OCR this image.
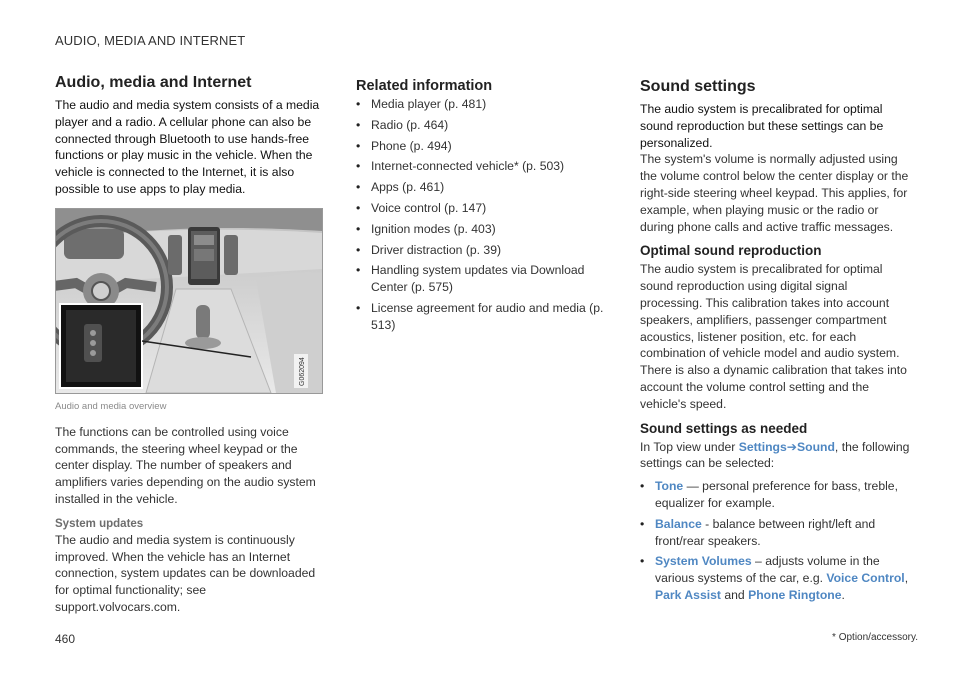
AUDIO, MEDIA AND INTERNET
Audio, media and Internet

The audio and media system consists of a media player and a radio. A cellular phone can also be connected through Bluetooth to use hands-free functions or play music in the vehicle. When the vehicle is connected to the Internet, it is also possible to use apps to play media.

G062094
Audio and media overview

The functions can be controlled using voice commands, the steering wheel keypad or the center display. The number of speakers and amplifiers varies depending on the audio system installed in the vehicle.

System updates

The audio and media system is continuously improved. When the vehicle has an Internet connection, system updates can be downloaded for optimal functionality; see support.volvocars.com.

Related information
• Media player (p. 481)
• Radio (p. 464)
• Phone (p. 494)
• Internet-connected vehicle* (p. 503)
• Apps (p. 461)
• Voice control (p. 147)
• Ignition modes (p. 403)
• Driver distraction (p. 39)
• Handling system updates via Download Center (p. 575)
• License agreement for audio and media (p. 513)
Sound settings

The audio system is precalibrated for optimal sound reproduction but these settings can be personalized.

The system's volume is normally adjusted using the volume control below the center display or the right-side steering wheel keypad. This applies, for example, when playing music or the radio or during phone calls and active traffic messages.

Optimal sound reproduction

The audio system is precalibrated for optimal sound reproduction using digital signal processing. This calibration takes into account speakers, amplifiers, passenger compartment acoustics, listener position, etc. for each combination of vehicle model and audio system. There is also a dynamic calibration that takes into account the volume control setting and the vehicle's speed.

Sound settings as needed

In Top view under Settings➔Sound, the following settings can be selected:

• Tone — personal preference for bass, treble, equalizer for example.
• Balance - balance between right/left and front/rear speakers.
• System Volumes – adjusts volume in the various systems of the car, e.g. Voice Control, Park Assist and Phone Ringtone.
* Option/accessory.
460
